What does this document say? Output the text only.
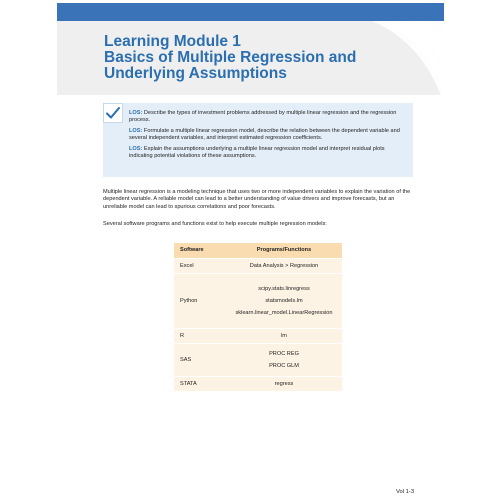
Learning Module 1
Basics of Multiple Regression and
Underlying Assumptions
LOS: Describe the types of investment problems addressed by multiple linear regression and the regression process.
LOS: Formulate a multiple linear regression model, describe the relation between the dependent variable and several independent variables, and interpret estimated regression coefficients.
LOS: Explain the assumptions underlying a multiple linear regression model and interpret residual plots indicating potential violations of these assumptions.

Multiple linear regression is a modeling technique that uses two or more independent variables to explain the variation of the dependent variable. A reliable model can lead to a better understanding of value drivers and improve forecasts, but an unreliable model can lead to spurious correlations and poor forecasts.

Several software programs and functions exist to help execute multiple regression models:

Software	Programs/Functions
Excel	Data Analysis > Regression

Python	scipy.stats.linregress
statsmodels.lm
sklearn.linear_model.LinearRegression

R	lm

SAS	PROC REG
PROC GLM

STATA	regress
Vol 1-3
